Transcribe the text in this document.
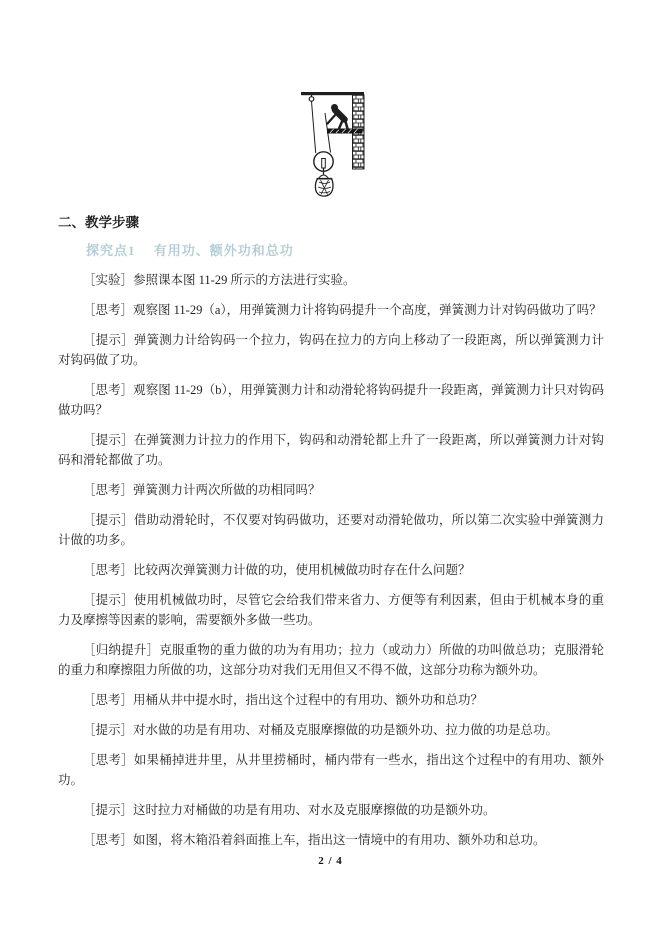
二、教学步骤
探究点1　 有用功、额外功和总功

［实验］参照课本图 11-29 所示的方法进行实验。

［思考］观察图 11-29（a），用弹簧测力计将钩码提升一个高度，弹簧测力计对钩码做功了吗？

［提示］弹簧测力计给钩码一个拉力，钩码在拉力的方向上移动了一段距离，所以弹簧测力计对钩码做了功。

［思考］观察图 11-29（b），用弹簧测力计和动滑轮将钩码提升一段距离，弹簧测力计只对钩码做功吗？

［提示］在弹簧测力计拉力的作用下，钩码和动滑轮都上升了一段距离，所以弹簧测力计对钩码和滑轮都做了功。

［思考］弹簧测力计两次所做的功相同吗？

［提示］借助动滑轮时，不仅要对钩码做功，还要对动滑轮做功，所以第二次实验中弹簧测力计做的功多。

［思考］比较两次弹簧测力计做的功，使用机械做功时存在什么问题？

［提示］使用机械做功时，尽管它会给我们带来省力、方便等有利因素，但由于机械本身的重力及摩擦等因素的影响，需要额外多做一些功。

［归纳提升］克服重物的重力做的功为有用功；拉力（或动力）所做的功叫做总功；克服滑轮的重力和摩擦阻力所做的功，这部分功对我们无用但又不得不做，这部分功称为额外功。

［思考］用桶从井中提水时，指出这个过程中的有用功、额外功和总功？

［提示］对水做的功是有用功、对桶及克服摩擦做的功是额外功、拉力做的功是总功。

［思考］如果桶掉进井里，从井里捞桶时，桶内带有一些水，指出这个过程中的有用功、额外功。

［提示］这时拉力对桶做的功是有用功、对水及克服摩擦做的功是额外功。

［思考］如图，将木箱沿着斜面推上车，指出这一情境中的有用功、额外功和总功。

2 / 4
